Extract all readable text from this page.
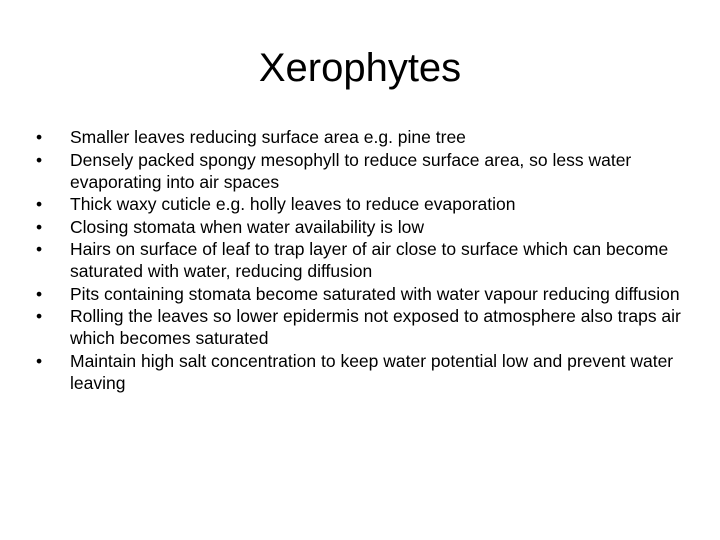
Xerophytes
•	Smaller leaves reducing surface area e.g. pine tree
•	Densely packed spongy mesophyll to reduce surface area, so less water evaporating into air spaces
•	Thick waxy cuticle e.g. holly leaves to reduce evaporation
•	Closing stomata when water availability is low
•	Hairs on surface of leaf to trap layer of air close to surface which can become saturated with water, reducing diffusion
•	Pits containing stomata become saturated with water vapour reducing diffusion
•	Rolling the leaves so lower epidermis not exposed to atmosphere also traps air which becomes saturated
•	Maintain high salt concentration to keep water potential low and prevent water leaving
